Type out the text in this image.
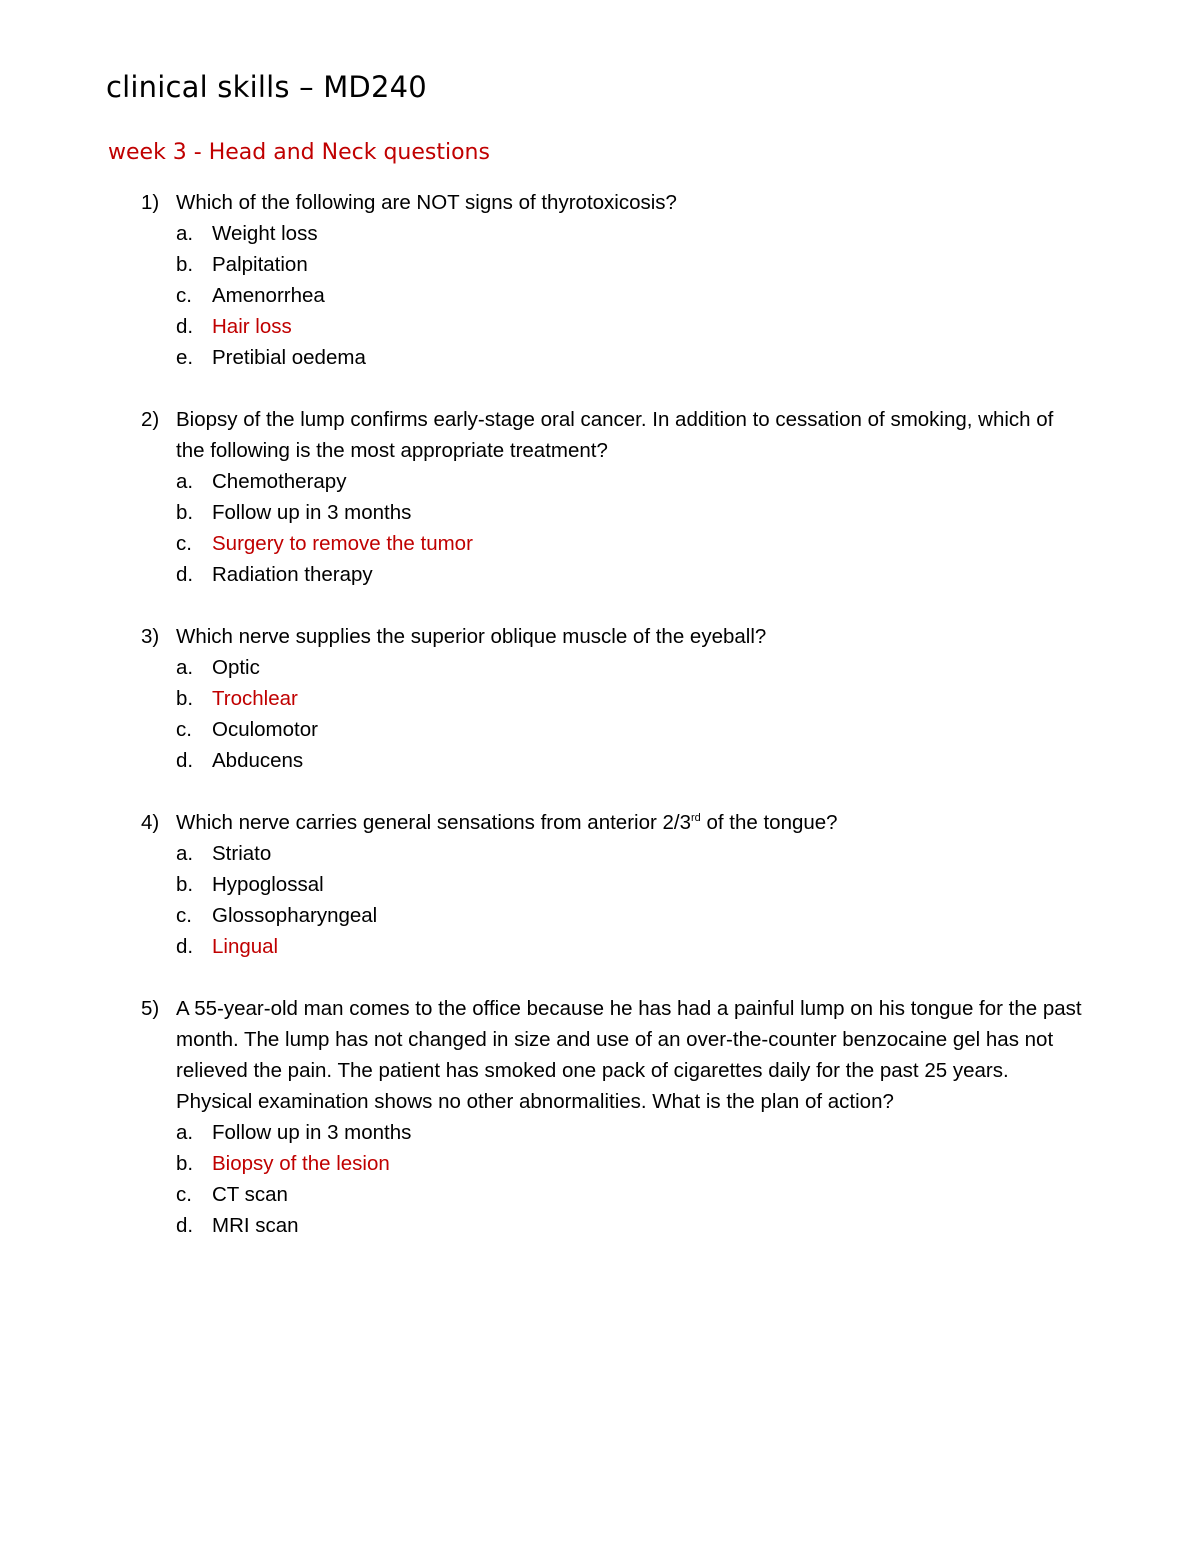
clinical skills – MD240
week 3 - Head and Neck questions
1) Which of the following are NOT signs of thyrotoxicosis?
a. Weight loss
b. Palpitation
c. Amenorrhea
d. Hair loss
e. Pretibial oedema
2) Biopsy of the lump confirms early-stage oral cancer. In addition to cessation of smoking, which of the following is the most appropriate treatment?
a. Chemotherapy
b. Follow up in 3 months
c. Surgery to remove the tumor
d. Radiation therapy
3) Which nerve supplies the superior oblique muscle of the eyeball?
a. Optic
b. Trochlear
c. Oculomotor
d. Abducens
4) Which nerve carries general sensations from anterior 2/3rd of the tongue?
a. Striato
b. Hypoglossal
c. Glossopharyngeal
d. Lingual
5) A 55-year-old man comes to the office because he has had a painful lump on his tongue for the past month. The lump has not changed in size and use of an over-the-counter benzocaine gel has not relieved the pain. The patient has smoked one pack of cigarettes daily for the past 25 years. Physical examination shows no other abnormalities. What is the plan of action?
a. Follow up in 3 months
b. Biopsy of the lesion
c. CT scan
d. MRI scan
